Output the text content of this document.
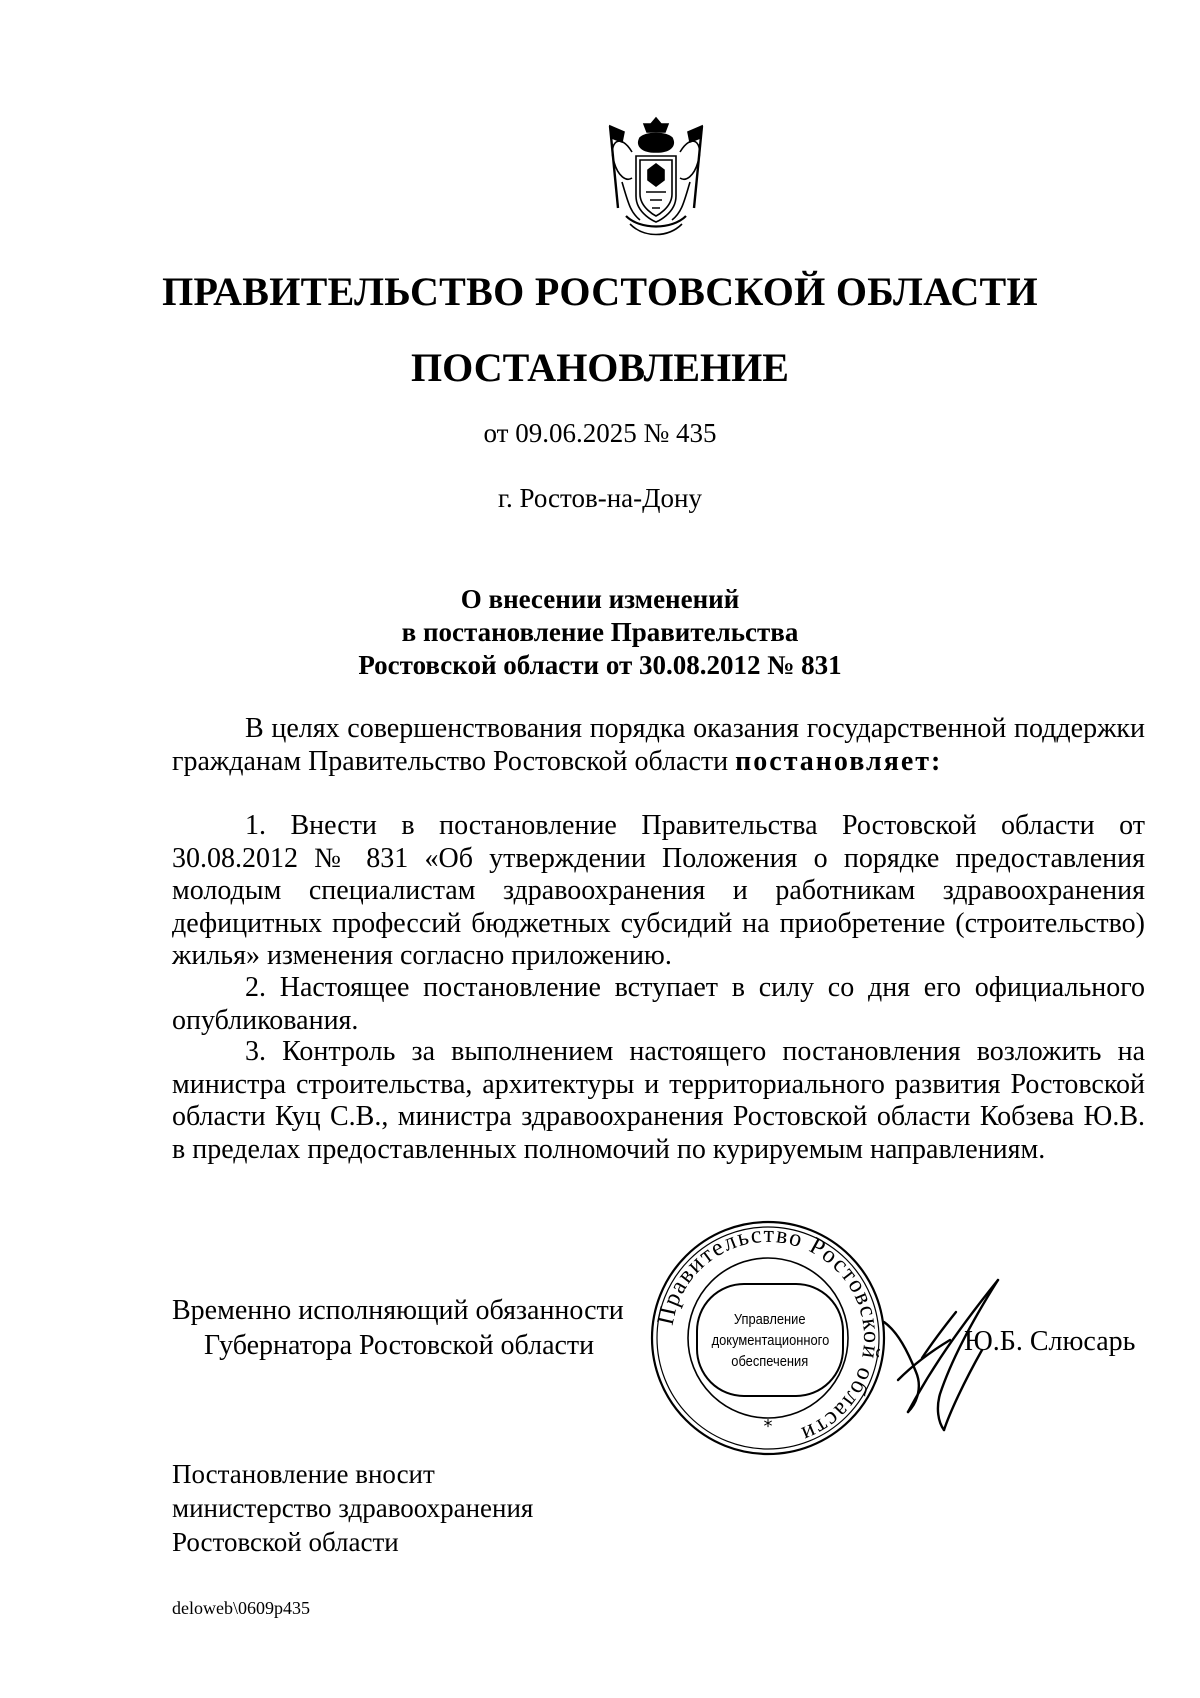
ПРАВИТЕЛЬСТВО РОСТОВСКОЙ ОБЛАСТИ
ПОСТАНОВЛЕНИЕ
от 09.06.2025 № 435
г. Ростов-на-Дону
О внесении изменений
в постановление Правительства
Ростовской области от 30.08.2012 № 831

В целях совершенствования порядка оказания государственной поддержки гражданам Правительство Ростовской области постановляет:

1. Внести в постановление Правительства Ростовской области от 30.08.2012 № 831 «Об утверждении Положения о порядке предоставления молодым специалистам здравоохранения и работникам здравоохранения дефицитных профессий бюджетных субсидий на приобретение (строительство) жилья» изменения согласно приложению.

2. Настоящее постановление вступает в силу со дня его официального опубликования.

3. Контроль за выполнением настоящего постановления возложить на министра строительства, архитектуры и территориального развития Ростовской области Куц С.В., министра здравоохранения Ростовской области Кобзева Ю.В. в пределах предоставленных полномочий по курируемым направлениям.

Временно исполняющий обязанности
Губернатора Ростовской области
Правительство Ростовской области
*
Управление
документационного
обеспечения
Ю.Б. Слюсарь
Постановление вносит
министерство здравоохранения
Ростовской области
deloweb\0609p435
